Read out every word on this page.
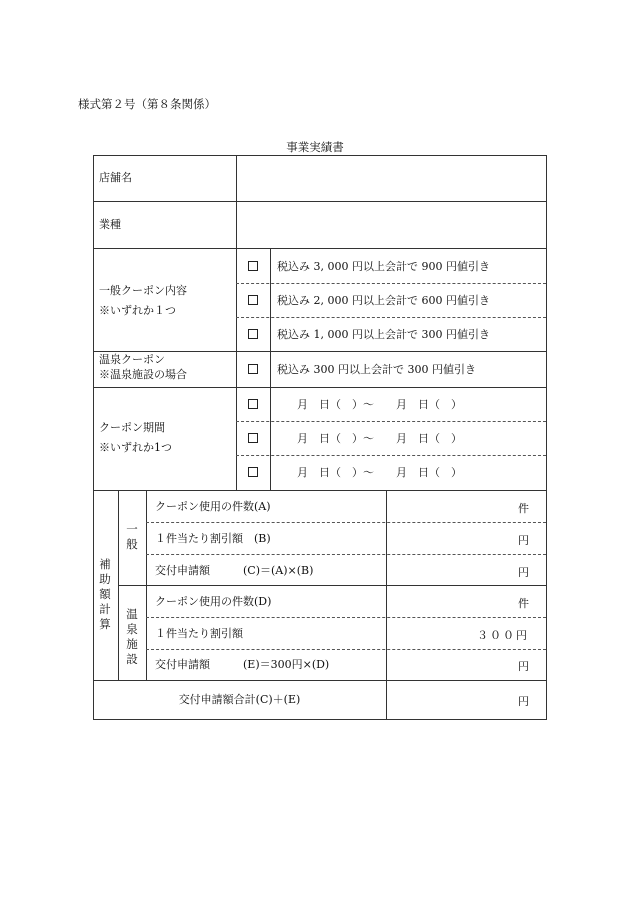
様式第２号（第８条関係）
事業実績書
店舗名
業種
一般クーポン内容
※いずれか１つ
温泉クーポン
※温泉施設の場合
クーポン期間
※いずれか1つ
税込み 3, 000 円以上会計で 900 円値引き
税込み 2, 000 円以上会計で 600 円値引き
税込み 1, 000 円以上会計で 300 円値引き
税込み 300 円以上会計で 300 円値引き
月　日（　）～　　月　日（　）
月　日（　）～　　月　日（　）
月　日（　）～　　月　日（　）
補
助
額
計
算
一
般
温
泉
施
設
クーポン使用の件数(A)
１件当たり割引額　(B)
交付申請額　　　(C)＝(A)×(B)
件
円
円
クーポン使用の件数(D)
１件当たり割引額
交付申請額　　　(E)＝300円×(D)
件
３００円
円
交付申請額合計(C)＋(E)	円
